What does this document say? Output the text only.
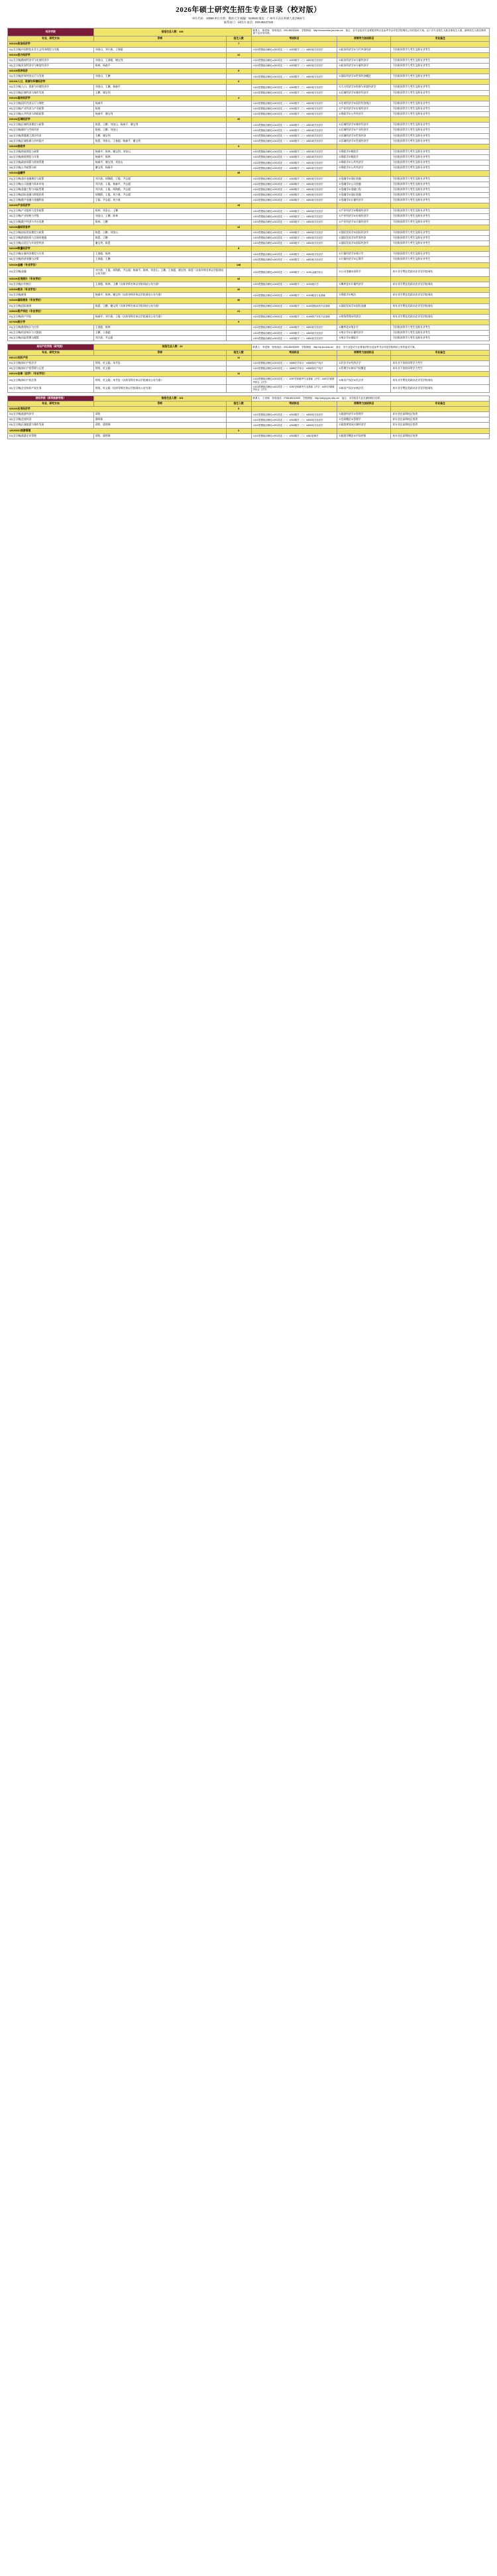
2026年硕士研究生招生专业目录（校对版）
单位代码：10558 单位名称：暨南大学 邮编：510632 地址：广州市天河区黄埔大道西601号
联系部门：研招办 电话：020-85227340
经济学院	拟招生总人数：446		联系人：陈老师　咨询电话：020-85220181　学院网址：http://economics.jnu.edu.cn/　备注：各专业复试专业课笔试科目及参考书目详见学院网站公布的复试方案。以下各专业招生人数含推免生人数，最终招生人数以教育部下达计划为准。		
专业、研究方向	导师	招生人数	考试科目	同等学力加试科目	专业备注
020101政治经济学		7			
01(全日制)中国特色社会主义经济理论与实践	刘金山、刘少波、王春超		①101思想政治理论②201英语（一）③303数学（三）④802西方经济学	①政治经济学②当代中国经济	不招收同等学力考生及跨专业考生
020104西方经济学		12			
01(全日制)微观经济学与宏观经济学	刘金山、王春超、谢宝剑		①101思想政治理论②201英语（一）③303数学（三）④802西方经济学	①政治经济学②计量经济学	不招收同等学力考生及跨专业考生
02(全日制)发展经济学与制度经济学	陈林、杨森平		①101思想政治理论②201英语（一）③303数学（三）④802西方经济学	①政治经济学②计量经济学	不招收同等学力考生及跨专业考生
020105世界经济		5			
01(全日制)世界经济运行与发展	刘金山、王鹏		①101思想政治理论②201英语（一）③303数学（三）④802西方经济学	①国际经济学②世界经济概论	不招收同等学力考生及跨专业考生
020106人口、资源与环境经济学		6			
01(全日制)人口、资源与环境经济学	刘金山、王鹏、杨森平		①101思想政治理论②201英语（一）③303数学（三）④802西方经济学	①人口经济学②资源与环境经济学	不招收同等学力考生及跨专业考生
02(全日制)区域经济与城市发展	王鹏、谢宝剑		①101思想政治理论②201英语（一）③303数学（三）④802西方经济学	①区域经济学②城市经济学	不招收同等学力考生及跨专业考生
020201国民经济学		4			
01(全日制)国民经济运行与调控	杨森平		①101思想政治理论②201英语（一）③303数学（三）④802西方经济学	①宏观经济学②国民经济统计	不招收同等学力考生及跨专业考生
02(全日制)产业经济与产业政策	陈林		①101思想政治理论②201英语（一）③303数学（三）④802西方经济学	①产业经济学②宏观经济学	不招收同等学力考生及跨专业考生
03(全日制)公共经济与财政政策	杨森平、谢宝剑		①101思想政治理论②201英语（一）③303数学（三）④802西方经济学	①财政学②公共经济学	不招收同等学力考生及跨专业考生
020202区域经济学		20			
01(全日制)区域经济理论与政策	陈恩、王鹏、刘金山、杨森平、谢宝剑		①101思想政治理论②201英语（一）③303数学（三）④802西方经济学	①区域经济学②城市经济学	不招收同等学力考生及跨专业考生
02(全日制)城市与空间经济	陈林、王鹏、刘金山		①101思想政治理论②201英语（一）③303数学（三）④802西方经济学	①区域经济学②产业经济学	不招收同等学力考生及跨专业考生
03(全日制)粤港澳大湾区经济	王鹏、谢宝剑		①101思想政治理论②201英语（一）③303数学（三）④802西方经济学	①区域经济学②世界经济	不招收同等学力考生及跨专业考生
04(全日制)区域协调与乡村振兴	陈恩、刘金山、王春超、杨森平、谢宝剑		①101思想政治理论②201英语（一）③303数学（三）④802西方经济学	①区域经济学②发展经济学	不招收同等学力考生及跨专业考生
020203财政学		9			
01(全日制)财政理论与政策	杨森平、陈林、谢宝剑、刘金山		①101思想政治理论②201英语（一）③303数学（三）④802西方经济学	①财政学②税收学	不招收同等学力考生及跨专业考生
02(全日制)税收理论与实务	杨森平、陈林		①101思想政治理论②201英语（一）③303数学（三）④802西方经济学	①财政学②税收学	不招收同等学力考生及跨专业考生
03(全日制)政府预算与绩效管理	杨森平、谢宝剑、刘金山		①101思想政治理论②201英语（一）③303数学（三）④802西方经济学	①财政学②公共经济学	不招收同等学力考生及跨专业考生
04(全日制)公共政策分析	谢宝剑、杨森平		①101思想政治理论②201英语（一）③303数学（三）④802西方经济学	①财政学②公共经济学	不招收同等学力考生及跨专业考生
020204金融学		35			
01(全日制)货币金融理论与政策	刘少波、胡海鸥、王聪、尹志超		①101思想政治理论②201英语（一）③303数学（三）④802西方经济学	①金融学②国际金融	不招收同等学力考生及跨专业考生
02(全日制)公司金融与资本市场	刘少波、王聪、杨森平、尹志超		①101思想政治理论②201英语（一）③303数学（三）④802西方经济学	①金融学②公司金融	不招收同等学力考生及跨专业考生
03(全日制)金融工程与风险管理	刘少波、王聪、胡海鸥、尹志超		①101思想政治理论②201英语（一）③303数学（三）④802西方经济学	①金融学②金融工程	不招收同等学力考生及跨专业考生
04(全日制)国际金融与跨境投资	胡海鸥、王聪、刘少波、尹志超		①101思想政治理论②201英语（一）③303数学（三）④802西方经济学	①金融学②国际金融	不招收同等学力考生及跨专业考生
05(全日制)数字金融与金融科技	王聪、尹志超、刘少波		①101思想政治理论②201英语（一）③303数学（三）④802西方经济学	①金融学②计量经济学	不招收同等学力考生及跨专业考生
020205产业经济学		15			
01(全日制)产业组织与竞争政策	陈林、刘金山、王鹏		①101思想政治理论②201英语（一）③303数学（三）④802西方经济学	①产业经济学②微观经济学	不招收同等学力考生及跨专业考生
02(全日制)产业结构与升级	刘金山、王鹏、陈林		①101思想政治理论②201英语（一）③303数学（三）④802西方经济学	①产业经济学②宏观经济学	不招收同等学力考生及跨专业考生
03(全日制)数字经济与平台治理	陈林、王鹏		①101思想政治理论②201英语（一）③303数学（三）④802西方经济学	①产业经济学②计量经济学	不招收同等学力考生及跨专业考生
020206国际贸易学		12			
01(全日制)国际贸易理论与政策	陈恩、王鹏、刘金山		①101思想政治理论②201英语（一）③303数学（三）④802西方经济学	①国际贸易学②国际经济学	不招收同等学力考生及跨专业考生
02(全日制)跨境投资与全球价值链	陈恩、王鹏		①101思想政治理论②201英语（一）③303数学（三）④802西方经济学	①国际贸易学②世界经济	不招收同等学力考生及跨专业考生
03(全日制)自贸区与开放型经济	谢宝剑、陈恩		①101思想政治理论②201英语（一）③303数学（三）④802西方经济学	①国际贸易学②国际经济学	不招收同等学力考生及跨专业考生
020209数量经济学		8			
01(全日制)计量经济理论与应用	王春超、陈林		①101思想政治理论②201英语（一）③303数学（三）④802西方经济学	①计量经济学②统计学	不招收同等学力考生及跨专业考生
02(全日制)经济预测与决策	王春超、王鹏		①101思想政治理论②201英语（一）③303数学（三）④802西方经济学	①计量经济学②运筹学	不招收同等学力考生及跨专业考生
025100金融（专业学位）		148			
01(全日制)金融	刘少波、王聪、胡海鸥、尹志超、杨森平、陈林、刘金山、王鹏、王春超、谢宝剑、陈恩（具体导师名单以学院网站公布为准）		①101思想政治理论②204英语（二）③303数学（三）④431金融学综合	①公司金融②投资学	本专业学费及奖助办法详见学院网站
025200应用统计（专业学位）		32			
01(全日制)应用统计	王春超、陈林、王鹏（具体导师名单以学院网站公布为准）		①101思想政治理论②204英语（二）③303数学（三）④432统计学	①概率论②计量经济学	本专业学费及奖助办法详见学院网站
025300税务（专业学位）		26			
01(全日制)税务	杨森平、陈林、谢宝剑（具体导师名单以学院网站公布为准）		①101思想政治理论②204英语（二）③303数学（三）④433税务专业基础	①财政学②税法	本专业学费及奖助办法详见学院网站
025400国际商务（专业学位）		30			
01(全日制)国际商务	陈恩、王鹏、谢宝剑（具体导师名单以学院网站公布为准）		①101思想政治理论②204英语（二）③303数学（三）④434国际商务专业基础	①国际贸易学②国际金融	本专业学费及奖助办法详见学院网站
025600资产评估（专业学位）		21			
01(全日制)资产评估	杨森平、刘少波、王聪（具体导师名单以学院网站公布为准）		①101思想政治理论②204英语（二）③303数学（三）④436资产评估专业基础	①财务管理②经济法	本专业学费及奖助办法详见学院网站
027000统计学		9			
01(全日制)数理统计与应用	王春超、陈林		①101思想政治理论②201英语（一）③303数学（三）④802西方经济学	①概率论②统计学	不招收同等学力考生及跨专业考生
02(全日制)经济统计与大数据	王鹏、王春超		①101思想政治理论②201英语（一）③303数学（三）④802西方经济学	①统计学②计量经济学	不招收同等学力考生及跨专业考生
03(全日制)风险管理与精算	刘少波、尹志超		①101思想政治理论②201英语（一）③303数学（三）④802西方经济学	①统计学②保险学	不招收同等学力考生及跨专业考生
知识产权学院（研究院）	拟招生总人数：22		联系人：李老师　咨询电话：020-85220399　学院网址：http://ip.jnu.edu.cn/　备注：各专业复试专业课笔试科目及参考书目详见学院网站公布的复试方案。		
专业、研究方向	导师	招生人数	考试科目	同等学力加试科目	专业备注
0301Z1知识产权		11			
01(全日制)知识产权法学	徐瑄、杜文聪、朱雪忠		①101思想政治理论②201英语（一）③656法学综合一④806知识产权法	①民法学②经济法学	本专业不招收同等学力考生
02(全日制)知识产权管理与运营	徐瑄、杜文聪		①101思想政治理论②201英语（一）③656法学综合一④806知识产权法	①管理学②知识产权概论	本专业不招收同等学力考生
035102法律（法学）（专业学位）		11			
01(全日制)知识产权法务	徐瑄、杜文聪、朱雪忠（具体导师名单以学院网站公布为准）		①101思想政治理论②201英语（一）③397法硕联考专业基础（法学）④497法硕联考综合（法学）	①知识产权法②民法学	本专业学费及奖助办法详见学院网站
02(全日制)企业知识产权实务	徐瑄、杜文聪（具体导师名单以学院网站公布为准）		①101思想政治理论②201英语（一）③397法硕联考专业基础（法学）④497法硕联考综合（法学）	①知识产权法②商法学	本专业学费及奖助办法详见学院网站
财经学院（深圳旅游学院）	拟招生总人数：101		联系人：王老师　咨询电话：0755-85212000　学院网址：http://szlyxy.jnu.edu.cn/　备注：本学院各专业在深圳校区培养。		
专业、研究方向	导师	招生人数	考试科目	同等学力加试科目	专业备注
020200应用经济学		5			
01(全日制)旅游经济学	章牧		①101思想政治理论②201英语（一）③303数学（三）④802西方经济学	①旅游经济学②管理学	本专业在深圳校区培养
02(全日制)会展经济	梁明珠		①101思想政治理论②201英语（一）③303数学（三）④802西方经济学	①会展概论②管理学	本专业在深圳校区培养
03(全日制)区域旅游与城市发展	章牧、梁明珠		①101思想政治理论②201英语（一）③303数学（三）④802西方经济学	①旅游规划②区域经济学	本专业在深圳校区培养
120203Z1旅游管理		3			
01(全日制)旅游企业管理	章牧、梁明珠		①101思想政治理论②201英语（一）③303数学（三）④811管理学	①旅游学概论②市场营销	本专业在深圳校区培养
